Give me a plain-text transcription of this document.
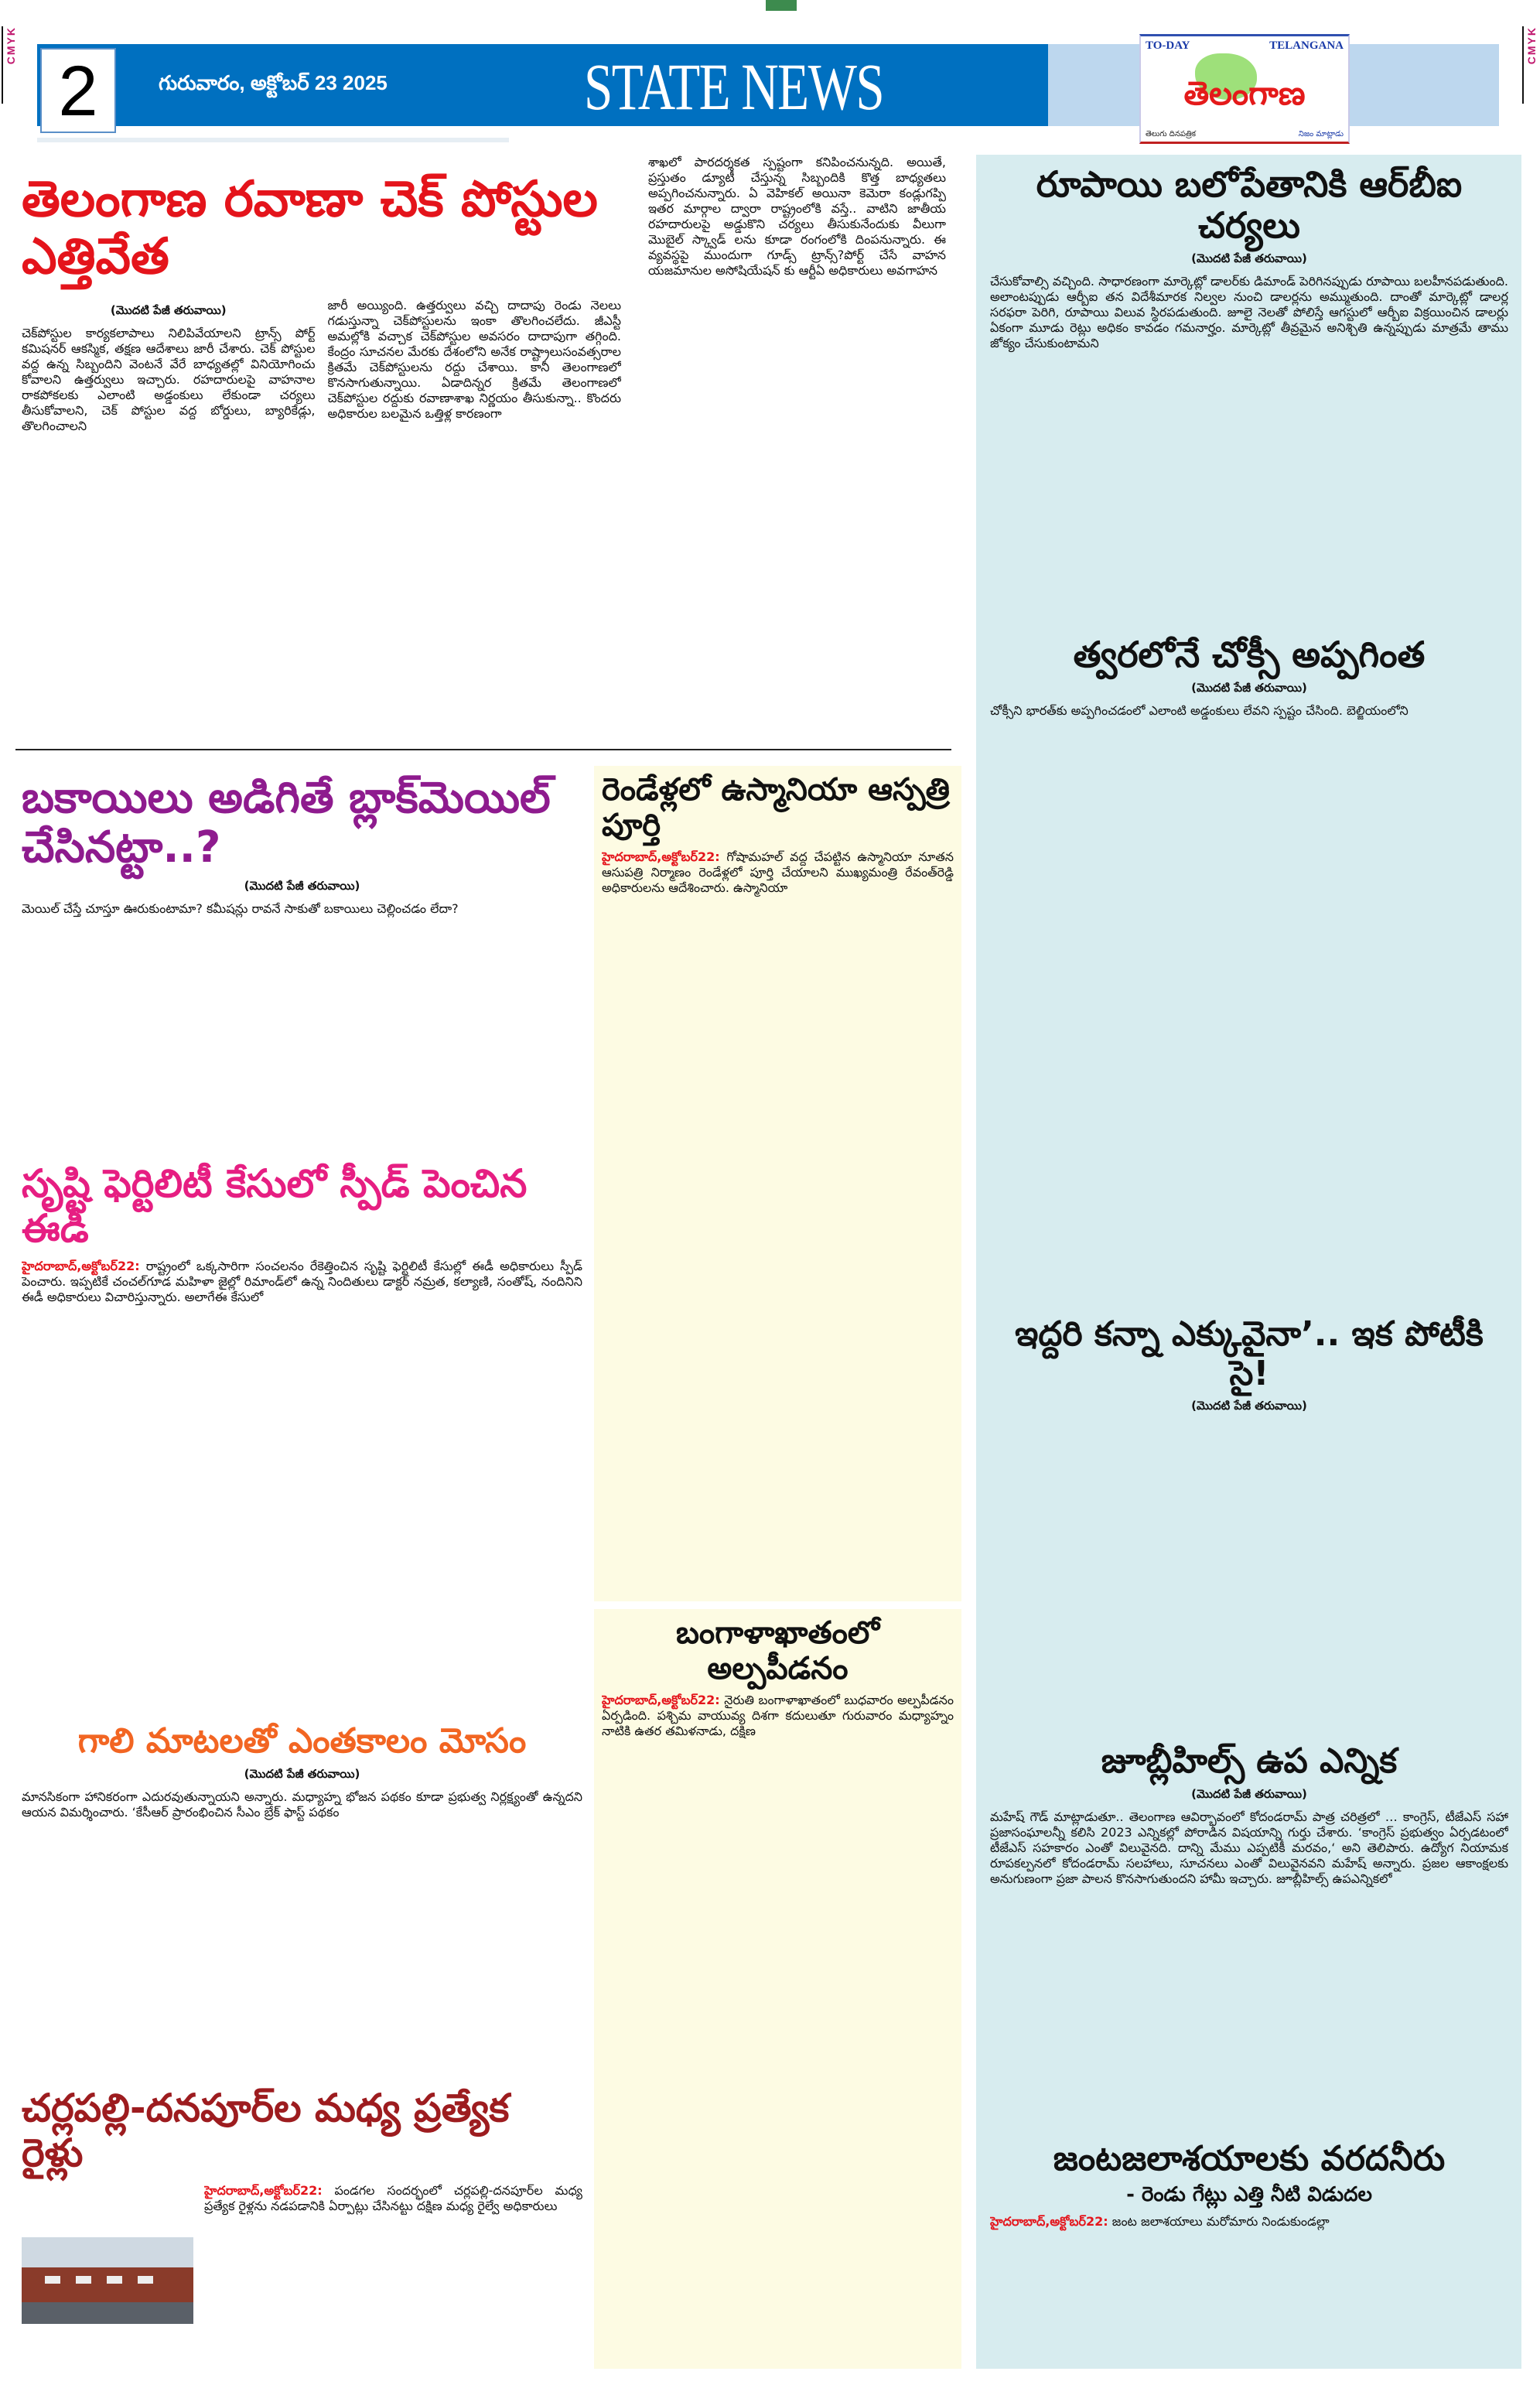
CMYK	CMYK
2	గురువారం, అక్టోబర్ 23 2025	STATE NEWS
TO-DAY	TELANGANA
తెలంగాణ
తెలుగు దినపత్రిక	నిజం మాట్లాడు
తెలంగాణ రవాణా చెక్ పోస్టుల ఎత్తివేత
(మొదటి పేజీ తరువాయి)

చెక్‌పోస్టుల కార్యకలాపాలు నిలిపివేయాలని ట్రాన్స్ పోర్ట్ కమిషనర్ ఆకస్మిక, తక్షణ ఆదేశాలు జారీ చేశారు. చెక్ పోస్టుల వద్ద ఉన్న సిబ్బందిని వెంటనే వేరే బాధ్యతల్లో వినియోగించు కోవాలని ఉత్తర్వులు ఇచ్చారు. రహదారులపై వాహనాల రాకపోకలకు ఎలాంటి అడ్డంకులు లేకుండా చర్యలు తీసుకోవాలని, చెక్ పోస్టుల వద్ద బోర్డులు, బ్యారికేడ్లు, తొలగించాలని

జారీ అయ్యింది. ఉత్తర్వులు వచ్చి దాదాపు రెండు నెలలు గడుస్తున్నా చెక్‌పోస్టులను ఇంకా తొలగించలేదు. జీఎస్టీ అమల్లోకి వచ్చాక చెక్‌పోస్టుల అవసరం దాదాపుగా తగ్గింది. కేంద్రం సూచనల మేరకు దేశంలోని అనేక రాష్ట్రాలుసంవత్సరాల క్రితమే చెక్‌పోస్టులను రద్దు చేశాయి. కానీ తెలంగాణలో కొనసాగుతున్నాయి. ఏడాదిన్నర క్రితమే తెలంగాణలో చెక్‌పోస్టుల రద్దుకు రవాణాశాఖ నిర్ణయం తీసుకున్నా.. కొందరు అధికారుల బలమైన ఒత్తిళ్ల కారణంగా

శాఖలో పారదర్శకత స్పష్టంగా కనిపించనున్నది. అయితే, ప్రస్తుతం డ్యూటీ చేస్తున్న సిబ్బందికి కొత్త బాధ్యతలు అప్పగించనున్నారు. ఏ వెహికల్ అయినా కెమెరా కండ్లుగప్పి ఇతర మార్గాల ద్వారా రాష్ట్రంలోకి వస్తే.. వాటిని జాతీయ రహదారులపై అడ్డుకొని చర్యలు తీసుకునేందుకు వీలుగా మొబైల్ స్క్వాడ్ లను కూడా రంగంలోకి దింపనున్నారు. ఈ వ్యవస్థపై ముందుగా గూడ్స్ ట్రాన్స్?పోర్ట్ చేసే వాహన యజమానుల అసోషియేషన్ కు ఆర్టీఏ అధికారులు అవగాహన

రూపాయి బలోపేతానికి ఆర్‌బీఐ చర్యలు
(మొదటి పేజీ తరువాయి)

చేసుకోవాల్సి వచ్చింది. సాధారణంగా మార్కెట్లో డాలర్‌కు డిమాండ్ పెరిగినప్పుడు రూపాయి బలహీనపడుతుంది. అలాంటప్పుడు ఆర్బీఐ తన విదేశీమారక నిల్వల నుంచి డాలర్లను అమ్ముతుంది. దాంతో మార్కెట్లో డాలర్ల సరఫరా పెరిగి, రూపాయి విలువ స్థిరపడుతుంది. జూలై నెలతో పోలిస్తే ఆగస్టులో ఆర్బీఐ విక్రయించిన డాలర్లు ఏకంగా మూడు రెట్లు అధికం కావడం గమనార్హం. మార్కెట్లో తీవ్రమైన అనిశ్చితి ఉన్నప్పుడు మాత్రమే తాము జోక్యం చేసుకుంటామని

త్వరలోనే చోక్సీ అప్పగింత
(మొదటి పేజీ తరువాయి)

చోక్సీని భారత్‌కు అప్పగించడంలో ఎలాంటి అడ్డంకులు లేవని స్పష్టం చేసింది. బెల్జియంలోని

ఇద్దరి కన్నా ఎక్కువైనా’.. ఇక పోటీకి సై!
(మొదటి పేజీ తరువాయి)

జూబ్లీహిల్స్ ఉప ఎన్నిక
(మొదటి పేజీ తరువాయి)

మహేష్ గౌడ్ మాట్లాడుతూ.. తెలంగాణ ఆవిర్భావంలో కోదండరామ్ పాత్ర చరిత్రలో … కాంగ్రెస్, టీజేఎస్ సహా ప్రజాసంఘాలన్నీ కలిసి 2023 ఎన్నికల్లో పోరాడిన విషయాన్ని గుర్తు చేశారు. ‘కాంగ్రెస్ ప్రభుత్వం ఏర్పడటంలో టీజేఎస్ సహకారం ఎంతో విలువైనది. దాన్ని మేము ఎప్పటికీ మరవం,‘ అని తెలిపారు. ఉద్యోగ నియామక రూపకల్పనలో కోదండరామ్ సలహాలు, సూచనలు ఎంతో విలువైనవని మహేష్ అన్నారు. ప్రజల ఆకాంక్షలకు అనుగుణంగా ప్రజా పాలన కొనసాగుతుందని హామీ ఇచ్చారు. జూబ్లీహిల్స్ ఉపఎన్నికలో

జంటజలాశయాలకు వరదనీరు
- రెండు గేట్లు ఎత్తి నీటి విడుదల

హైదరాబాద్,అక్టోబర్22: జంట జలాశయాలు మరోమారు నిండుకుండల్లా

బకాయిలు అడిగితే బ్లాక్‌మెయిల్ చేసినట్టా..?
(మొదటి పేజీ తరువాయి)

మెయిల్ చేస్తే చూస్తూ ఊరుకుంటామా? కమీషన్లు రావనే సాకుతో బకాయిలు చెల్లించడం లేదా?

సృష్టి ఫెర్టిలిటీ కేసులో స్పీడ్ పెంచిన ఈడీ

హైదరాబాద్,అక్టోబర్22: రాష్ట్రంలో ఒక్కసారిగా సంచలనం రేకెత్తించిన సృష్టి ఫెర్టిలిటీ కేసుల్లో ఈడీ అధికారులు స్పీడ్ పెంచారు. ఇప్పటికే చంచల్‌గూడ మహిళా జైల్లో రిమాండ్‌లో ఉన్న నిందితులు డాక్టర్ నమ్రత, కల్యాణి, సంతోష్, నందినిని ఈడీ అధికారులు విచారిస్తున్నారు. అలాగేఈ కేసులో

గాలి మాటలతో ఎంతకాలం మోసం
(మొదటి పేజీ తరువాయి)

మానసికంగా హానికరంగా ఎదురవుతున్నాయని అన్నారు. మధ్యాహ్న భోజన పథకం కూడా ప్రభుత్వ నిర్లక్ష్యంతో ఉన్నదని ఆయన విమర్శించారు. ‘కేసీఆర్ ప్రారంభించిన సీఎం బ్రేక్ ఫాస్ట్ పథకం

చర్లపల్లి-దనపూర్‌ల మధ్య ప్రత్యేక రైళ్లు

హైదరాబాద్,అక్టోబర్22: పండగల సందర్భంలో చర్లపల్లి-దనపూర్‌ల మధ్య ప్రత్యేక రైళ్లను నడపడానికి ఏర్పాట్లు చేసినట్టు దక్షిణ మధ్య రైల్వే అధికారులు

రెండేళ్లలో ఉస్మానియా ఆస్పత్రి పూర్తి

హైదరాబాద్,అక్టోబర్22: గోషామహల్ వద్ద చేపట్టిన ఉస్మానియా నూతన ఆసుపత్రి నిర్మాణం రెండేళ్లలో పూర్తి చేయాలని ముఖ్యమంత్రి రేవంత్‌రెడ్డి అధికారులను ఆదేశించారు. ఉస్మానియా

బంగాళాఖాతంలో అల్పపీడనం

హైదరాబాద్,అక్టోబర్22: నైరుతి బంగాళాఖాతంలో బుధవారం అల్పపీడనం ఏర్పడింది. పశ్చిమ వాయువ్య దిశగా కదులుతూ గురువారం మధ్యాహ్నం నాటికి ఉతర తమిళనాడు, దక్షిణ
